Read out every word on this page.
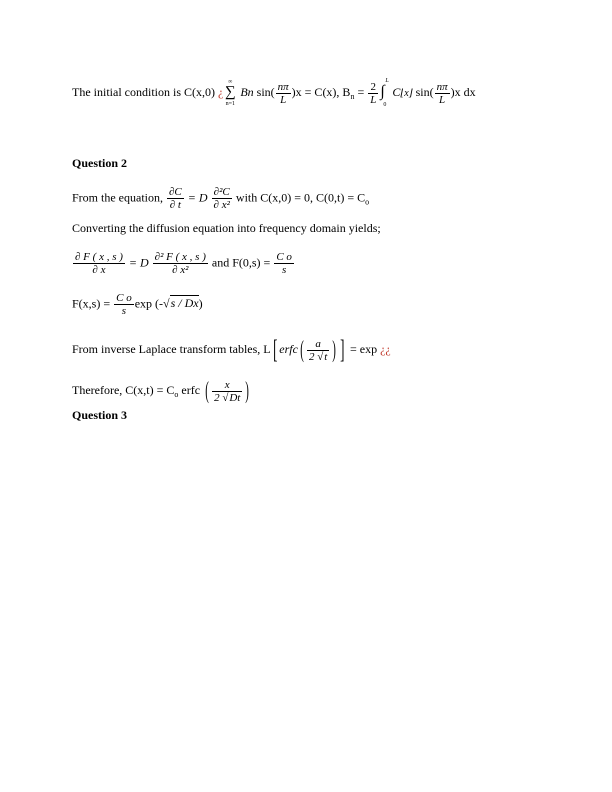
The initial condition is C(x,0) ¿
∞
∑
n=1
Bn $\sin( \frac{n\pi}{L} )x = C(x)$, $B_n = \frac{2}{L}$ L
∫
0
C⌊x⌋ $\sin( \frac{n\pi}{L} )x$ dx
Question 2
From the equation, $\frac{\partial C}{\partial t} = D \frac{\text{∂²C}}{\text{∂ x²}}$ with C(x,0) = 0, $C(0,t) = C_o$
Converting the diffusion equation into frequency domain yields;
$\frac{\partial F ( x , s )}{\partial x} = D \frac{\text{∂² F ( x , s )}}{\text{∂ x²}}$ and $F(0,s) = \frac{\text{C o}}{s}$
$F(x,s) = \frac{\text{C o}}{s}$ exp (-√s / Dx)
From inverse Laplace transform tables, L[ erfc( $\frac{a}{2 √t}$ ) ] = exp ¿¿
Therefore, $C(x,t) = C_o$ erfc ( $\frac{x}{2 √Dt}$ )
Question 3
